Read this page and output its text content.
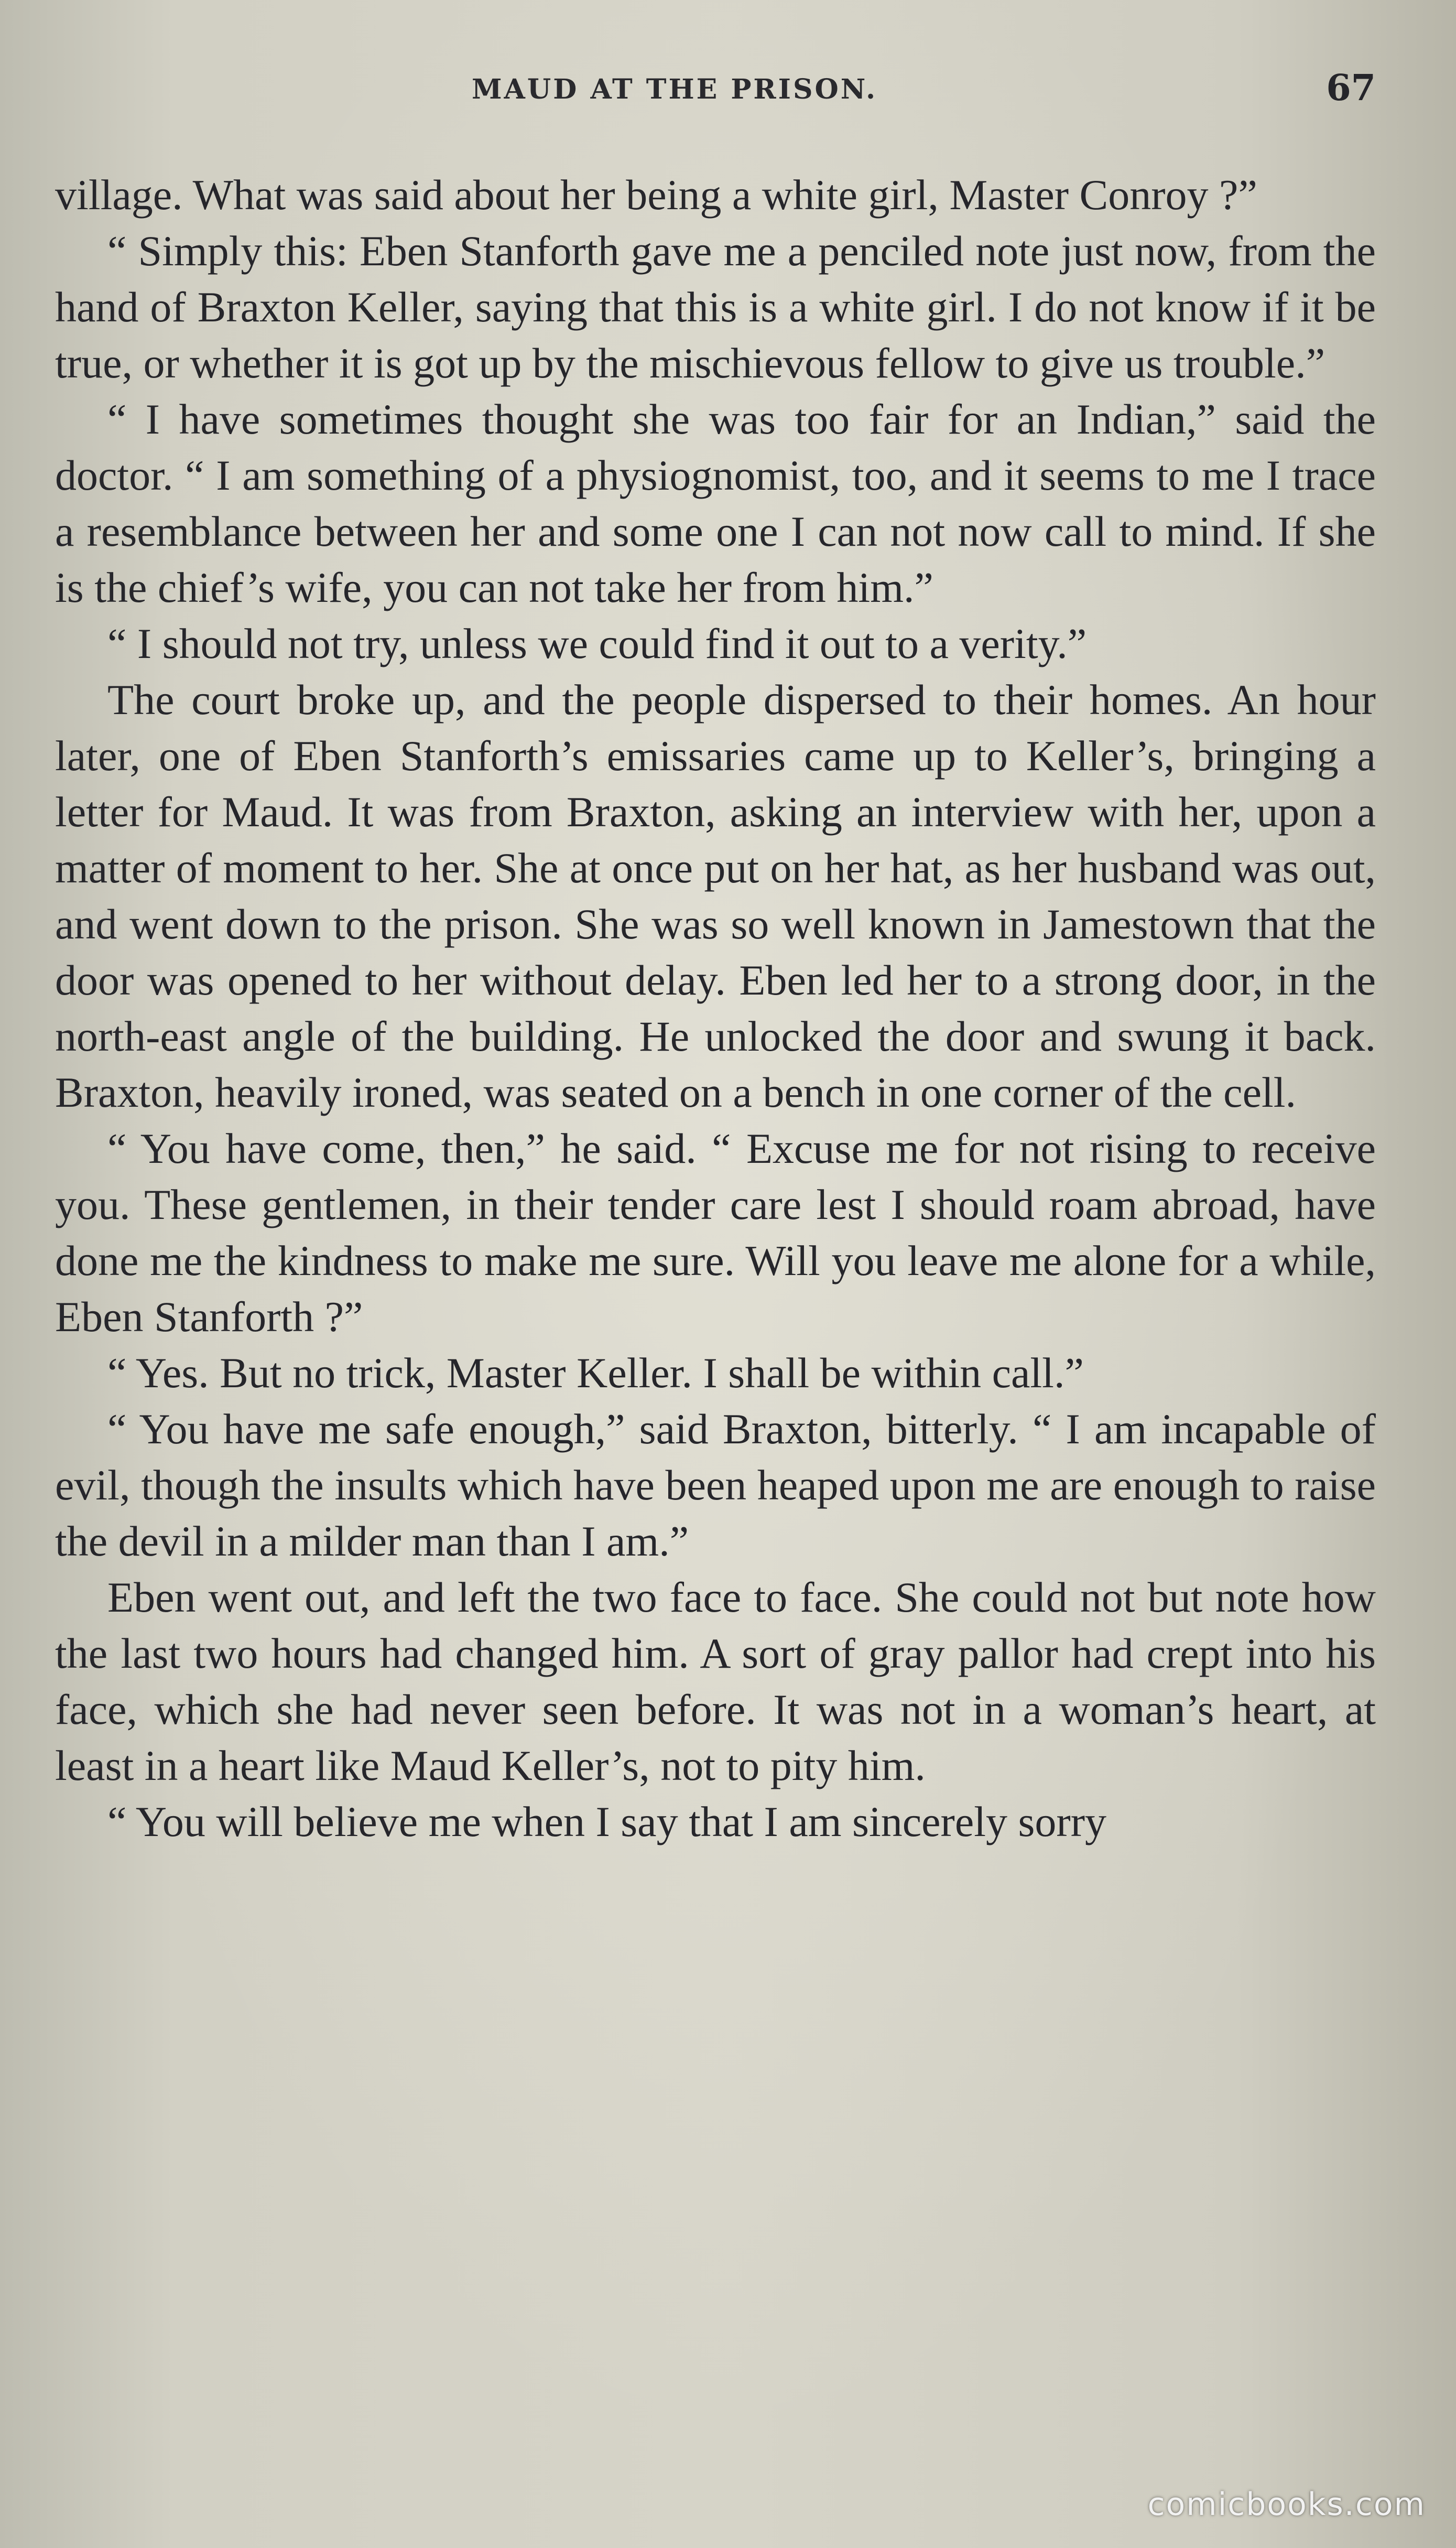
MAUD AT THE PRISON.	67

village. What was said about her being a white girl, Master Conroy ?”

“ Simply this: Eben Stanforth gave me a penciled note just now, from the hand of Braxton Keller, saying that this is a white girl. I do not know if it be true, or whether it is got up by the mischievous fellow to give us trouble.”

“ I have sometimes thought she was too fair for an Indian,” said the doctor. “ I am something of a physiognomist, too, and it seems to me I trace a resemblance between her and some one I can not now call to mind. If she is the chief’s wife, you can not take her from him.”

“ I should not try, unless we could find it out to a verity.”

The court broke up, and the people dispersed to their homes. An hour later, one of Eben Stanforth’s emissaries came up to Keller’s, bringing a letter for Maud. It was from Braxton, asking an interview with her, upon a matter of moment to her. She at once put on her hat, as her husband was out, and went down to the prison. She was so well known in Jamestown that the door was opened to her without delay. Eben led her to a strong door, in the north-east angle of the building. He unlocked the door and swung it back. Braxton, heavily ironed, was seated on a bench in one corner of the cell.

“ You have come, then,” he said. “ Excuse me for not rising to receive you. These gentlemen, in their tender care lest I should roam abroad, have done me the kindness to make me sure. Will you leave me alone for a while, Eben Stanforth ?”

“ Yes. But no trick, Master Keller. I shall be within call.”

“ You have me safe enough,” said Braxton, bitterly. “ I am incapable of evil, though the insults which have been heaped upon me are enough to raise the devil in a milder man than I am.”

Eben went out, and left the two face to face. She could not but note how the last two hours had changed him. A sort of gray pallor had crept into his face, which she had never seen before. It was not in a woman’s heart, at least in a heart like Maud Keller’s, not to pity him.

“ You will believe me when I say that I am sincerely sorry

comicbooks.com
